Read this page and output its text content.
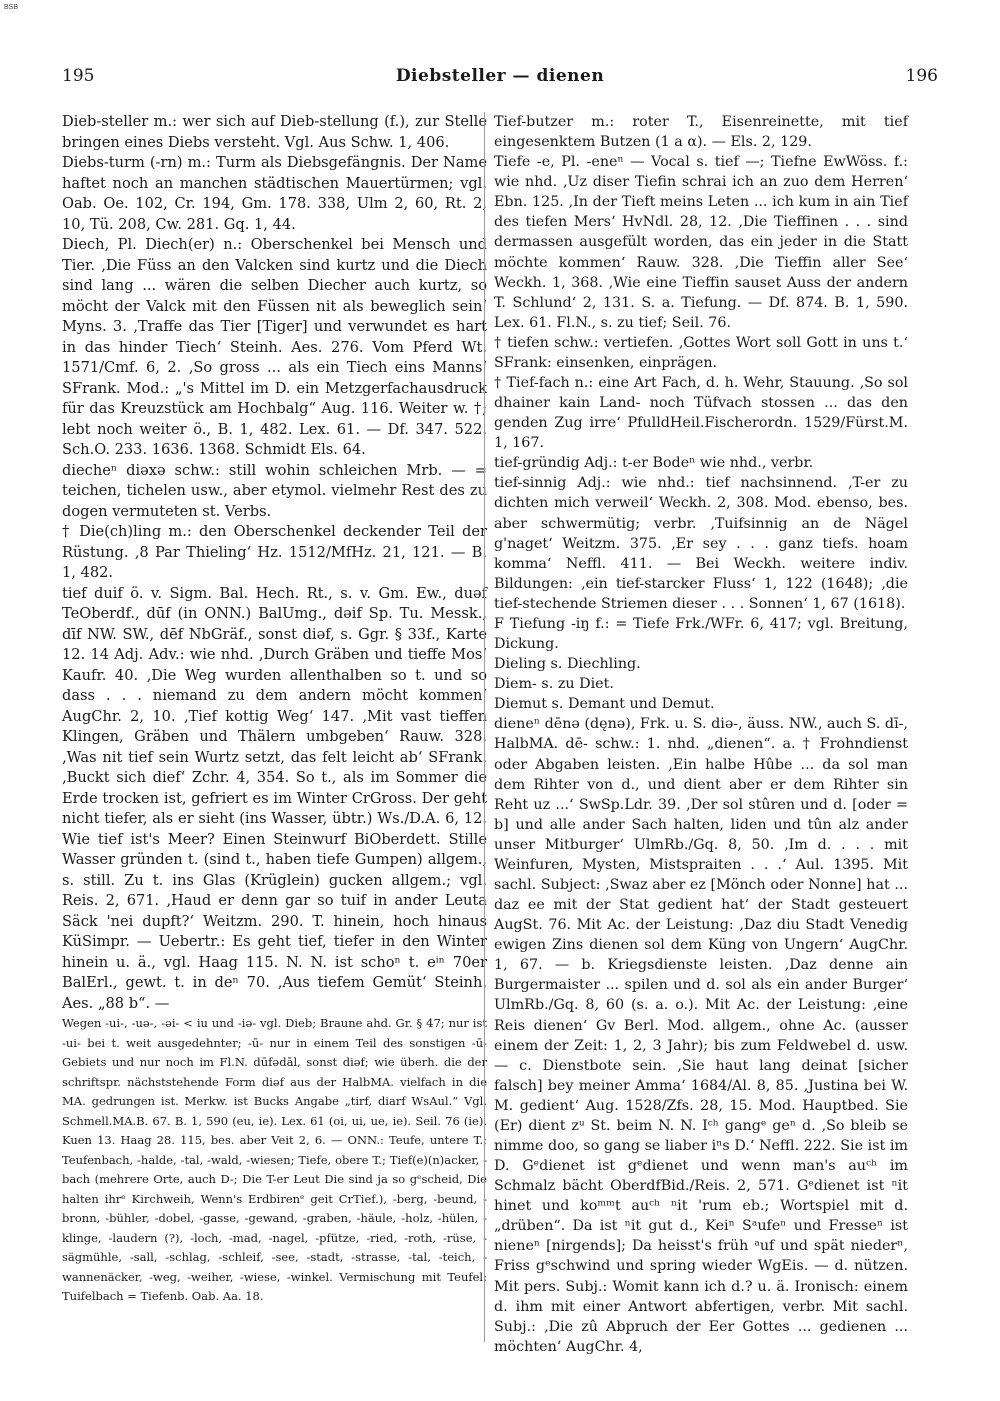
BSB
195	Diebsteller — dienen	196

Dieb-steller m.: wer sich auf Dieb-stellung (f.), zur Stelle bringen eines Diebs versteht. Vgl. Aus Schw. 1, 406.

Diebs-turm (-rn) m.: Turm als Diebsgefängnis. Der Name haftet noch an manchen städtischen Mauertürmen; vgl. Oab. Oe. 102, Cr. 194, Gm. 178. 338, Ulm 2, 60, Rt. 2, 10, Tü. 208, Cw. 281. Gq. 1, 44.

Diech, Pl. Diech(er) n.: Oberschenkel bei Mensch und Tier. ‚Die Füss an den Valcken sind kurtz und die Diech sind lang ... wären die selben Diecher auch kurtz, so möcht der Valck mit den Füssen nit als beweglich sein‘ Myns. 3. ‚Traffe das Tier [Tiger] und verwundet es hart in das hinder Tiech‘ Steinh. Aes. 276. Vom Pferd Wt. 1571/Cmf. 6, 2. ‚So gross ... als ein Tiech eins Manns‘ SFrank. Mod.: „'s Mittel im D. ein Metzgerfachausdruck für das Kreuzstück am Hochbalg“ Aug. 116. Weiter w. †; lebt noch weiter ö., B. 1, 482. Lex. 61. — Df. 347. 522. Sch.O. 233. 1636. 1368. Schmidt Els. 64.

diecheⁿ diəxə schw.: still wohin schleichen Mrb. — = teichen, tichelen usw., aber etymol. vielmehr Rest des zu dogen vermuteten st. Verbs.

† Die(ch)ling m.: den Oberschenkel deckender Teil der Rüstung. ‚8 Par Thieling‘ Hz. 1512/MfHz. 21, 121. — B. 1, 482.

tief duif ö. v. Sigm. Bal. Hech. Rt., s. v. Gm. Ew., duəf TeOberdf., dūf (in ONN.) BalUmg., dəif Sp. Tu. Messk., dīf NW. SW., dēf NbGräf., sonst diəf, s. Ggr. § 33f., Karte 12. 14 Adj. Adv.: wie nhd. ‚Durch Gräben und tieffe Mos‘ Kaufr. 40. ‚Die Weg wurden allenthalben so t. und so dass . . . niemand zu dem andern möcht kommen‘ AugChr. 2, 10. ‚Tief kottig Weg‘ 147. ‚Mit vast tieffen Klingen, Gräben und Thälern umbgeben‘ Rauw. 328. ‚Was nit tief sein Wurtz setzt, das felt leicht ab‘ SFrank. ‚Buckt sich dief‘ Zchr. 4, 354. So t., als im Sommer die Erde trocken ist, gefriert es im Winter CrGross. Der geht nicht tiefer, als er sieht (ins Wasser, übtr.) Ws./D.A. 6, 12. Wie tief ist's Meer? Einen Steinwurf BiOberdett. Stille Wasser gründen t. (sind t., haben tiefe Gumpen) allgem., s. still. Zu t. ins Glas (Krüglein) gucken allgem.; vgl. Reis. 2, 671. ‚Haud er denn gar so tuif in ander Leuta Säck 'nei dupft?‘ Weitzm. 290. T. hinein, hoch hinaus KüSimpr. — Uebertr.: Es geht tief, tiefer in den Winter hinein u. ä., vgl. Haag 115. N. N. ist schoⁿ t. eⁱⁿ 70er BalErl., gewt. t. in deⁿ 70. ‚Aus tiefem Gemüt‘ Steinh. Aes. „88 b“. —

Wegen -ui-, -uə-, -əi- < iu und -iə- vgl. Dieb; Braune ahd. Gr. § 47; nur ist -ui- bei t. weit ausgedehnter; -ū- nur in einem Teil des sonstigen -ū-Gebiets und nur noch im Fl.N. dūfədāl, sonst diəf; wie überh. die der schriftspr. nächststehende Form diəf aus der HalbMA. vielfach in die MA. gedrungen ist. Merkw. ist Bucks Angabe „tirf, diarf WsAul.“ Vgl. Schmell.MA.B. 67. B. 1, 590 (eu, ie). Lex. 61 (oi, ui, ue, ie). Seil. 76 (ie). Kuen 13. Haag 28. 115, bes. aber Veit 2, 6. — ONN.: Teufe, untere T.; Teufenbach, -halde, -tal, -wald, -wiesen; Tiefe, obere T.; Tief(e)(n)acker, -bach (mehrere Orte, auch D-; Die T-er Leut Die sind ja so gᵉscheid, Die halten ihrᵉ Kirchweih, Wenn's Erdbirenᵉ geit CrTief.), -berg, -beund, -bronn, -bühler, -dobel, -gasse, -gewand, -graben, -häule, -holz, -hülen, -klinge, -laudern (?), -loch, -mad, -nagel, -pfütze, -ried, -roth, -rüse, -sägmühle, -sall, -schlag, -schleif, -see, -stadt, -strasse, -tal, -teich, -wannenäcker, -weg, -weiher, -wiese, -winkel. Vermischung mit Teufel: Tuifelbach = Tiefenb. Oab. Aa. 18.

Tief-butzer m.: roter T., Eisenreinette, mit tief eingesenktem Butzen (1 a α). — Els. 2, 129.

Tiefe -e, Pl. -eneⁿ — Vocal s. tief —; Tiefne EwWöss. f.: wie nhd. ‚Uz diser Tiefin schrai ich an zuo dem Herren‘ Ebn. 125. ‚In der Tieft meins Leten ... ich kum in ain Tief des tiefen Mers‘ HvNdl. 28, 12. ‚Die Tieffinen . . . sind dermassen ausgefült worden, das ein jeder in die Statt möchte kommen‘ Rauw. 328. ‚Die Tieffin aller See‘ Weckh. 1, 368. ‚Wie eine Tieffin sauset Auss der andern T. Schlund‘ 2, 131. S. a. Tiefung. — Df. 874. B. 1, 590. Lex. 61. Fl.N., s. zu tief; Seil. 76.

† tiefen schw.: vertiefen. ‚Gottes Wort soll Gott in uns t.‘ SFrank: einsenken, einprägen.

† Tief-fach n.: eine Art Fach, d. h. Wehr, Stauung. ‚So sol dhainer kain Land- noch Tüfvach stossen ... das den genden Zug irre‘ PfulldHeil.Fischerordn. 1529/Fürst.M. 1, 167.

tief-gründig Adj.: t-er Bodeⁿ wie nhd., verbr.

tief-sinnig Adj.: wie nhd.: tief nachsinnend. ‚T-er zu dichten mich verweil‘ Weckh. 2, 308. Mod. ebenso, bes. aber schwermütig; verbr. ‚Tuifsinnig an de Nägel g'naget‘ Weitzm. 375. ‚Er sey . . . ganz tiefs. hoam komma‘ Neffl. 411. — Bei Weckh. weitere indiv. Bildungen: ‚ein tief-starcker Fluss‘ 1, 122 (1648); ‚die tief-stechende Striemen dieser . . . Sonnen‘ 1, 67 (1618).

F Tiefung -iŋ f.: = Tiefe Frk./WFr. 6, 417; vgl. Breitung, Dickung.

Dieling s. Diechling.

Diem- s. zu Diet.

Diemut s. Demant und Demut.

dieneⁿ dēnə (dęnə), Frk. u. S. diə-, äuss. NW., auch S. dī-, HalbMA. dē- schw.: 1. nhd. „dienen“. a. † Frohndienst oder Abgaben leisten. ‚Ein halbe Hûbe ... da sol man dem Rihter von d., und dient aber er dem Rihter sin Reht uz ...‘ SwSp.Ldr. 39. ‚Der sol stûren und d. [oder = b] und alle ander Sach halten, liden und tûn alz ander unser Mitburger‘ UlmRb./Gq. 8, 50. ‚Im d. . . . mit Weinfuren, Mysten, Mistspraiten . . .‘ Aul. 1395. Mit sachl. Subject: ‚Swaz aber ez [Mönch oder Nonne] hat ... daz ee mit der Stat gedient hat‘ der Stadt gesteuert AugSt. 76. Mit Ac. der Leistung: ‚Daz diu Stadt Venedig ewigen Zins dienen sol dem Küng von Ungern‘ AugChr. 1, 67. — b. Kriegsdienste leisten. ‚Daz denne ain Burgermaister ... spilen und d. sol als ein ander Burger‘ UlmRb./Gq. 8, 60 (s. a. o.). Mit Ac. der Leistung: ‚eine Reis dienen‘ Gv Berl. Mod. allgem., ohne Ac. (ausser einem der Zeit: 1, 2, 3 Jahr); bis zum Feldwebel d. usw. — c. Dienstbote sein. ‚Sie haut lang deinat [sicher falsch] bey meiner Amma‘ 1684/Al. 8, 85. ‚Justina bei W. M. gedient‘ Aug. 1528/Zfs. 28, 15. Mod. Hauptbed. Sie (Er) dient zᵘ St. beim N. N. Iᶜʰ gangᵉ geⁿ d. ‚So bleib se nimme doo, so gang se liaber iⁿs D.‘ Neffl. 222. Sie ist im D. Gᵉdienet ist gᵉdienet und wenn man's auᶜʰ im Schmalz bächt OberdfBid./Reis. 2, 571. Gᵉdienet ist ⁿit hinet und koᵐᵐt auᶜʰ ⁿit 'rum eb.; Wortspiel mit d. „drüben“. Da ist ⁿit gut d., Keiⁿ Sᵃufeⁿ und Fresseⁿ ist nieneⁿ [nirgends]; Da heisst's früh ᵃuf und spät niederⁿ, Friss gᵉschwind und spring wieder WgEis. — d. nützen. Mit pers. Subj.: Womit kann ich d.? u. ä. Ironisch: einem d. ihm mit einer Antwort abfertigen, verbr. Mit sachl. Subj.: ‚Die zû Abpruch der Eer Gottes ... gedienen ... möchten‘ AugChr. 4,
